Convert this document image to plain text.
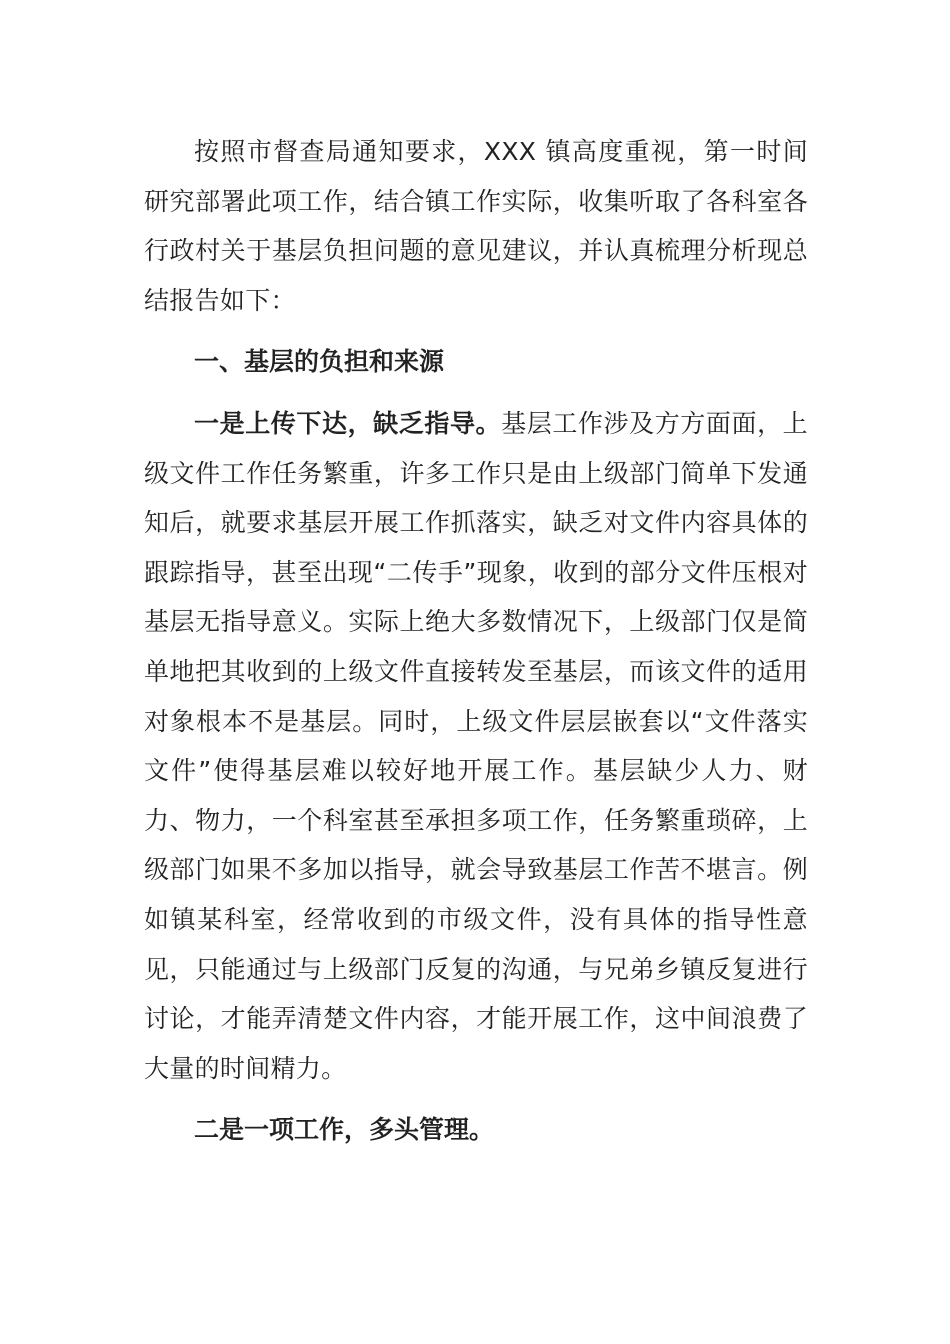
按照市督查局通知要求，XXX 镇高度重视，第一时间研究部署此项工作，结合镇工作实际，收集听取了各科室各行政村关于基层负担问题的意见建议，并认真梳理分析现总结报告如下：

一、基层的负担和来源

一是上传下达，缺乏指导。基层工作涉及方方面面，上级文件工作任务繁重，许多工作只是由上级部门简单下发通知后，就要求基层开展工作抓落实，缺乏对文件内容具体的跟踪指导，甚至出现“二传手”现象，收到的部分文件压根对基层无指导意义。实际上绝大多数情况下，上级部门仅是简单地把其收到的上级文件直接转发至基层，而该文件的适用对象根本不是基层。同时，上级文件层层嵌套以“文件落实文件”使得基层难以较好地开展工作。基层缺少人力、财力、物力，一个科室甚至承担多项工作，任务繁重琐碎，上级部门如果不多加以指导，就会导致基层工作苦不堪言。例如镇某科室，经常收到的市级文件，没有具体的指导性意见，只能通过与上级部门反复的沟通，与兄弟乡镇反复进行讨论，才能弄清楚文件内容，才能开展工作，这中间浪费了大量的时间精力。

二是一项工作，多头管理。
